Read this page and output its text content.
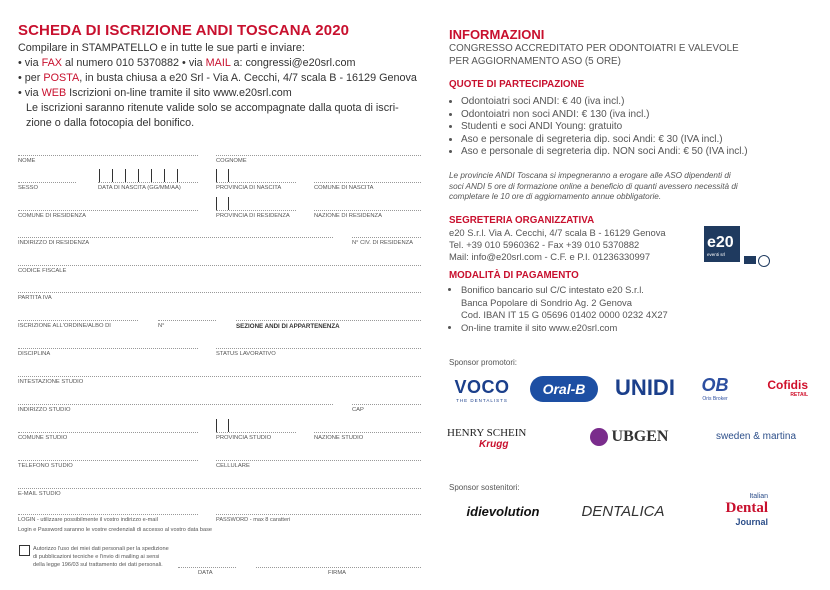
SCHEDA DI ISCRIZIONE ANDI TOSCANA 2020
Compilare in STAMPATELLO e in tutte le sue parti e inviare:
• via FAX al numero 010 5370882 • via MAIL a: congressi@e20srl.com
• per POSTA, in busta chiusa a e20 Srl - Via A. Cecchi, 4/7 scala B - 16129 Genova
• via WEB Iscrizioni on-line tramite il sito www.e20srl.com
Le iscrizioni saranno ritenute valide solo se accompagnate dalla quota di iscri-
zione o dalla fotocopia del bonifico.
NOME	COGNOME
SESSO	DATA DI NASCITA (GG/MM/AA)	PROVINCIA DI NASCITA	COMUNE DI NASCITA
COMUNE DI RESIDENZA	PROVINCIA DI RESIDENZA	NAZIONE DI RESIDENZA
INDIRIZZO DI RESIDENZA	N° CIV. DI RESIDENZA
CODICE FISCALE
PARTITA IVA
ISCRIZIONE ALL'ORDINE/ALBO DI	N°	SEZIONE ANDI DI APPARTENENZA
DISCIPLINA	STATUS LAVORATIVO
INTESTAZIONE STUDIO
INDIRIZZO STUDIO	CAP
COMUNE STUDIO	PROVINCIA STUDIO	NAZIONE STUDIO
TELEFONO STUDIO	CELLULARE
E-MAIL STUDIO
LOGIN - utilizzare possibilmente il vostro indirizzo e-mail	PASSWORD - max 8 caratteri
Login e Password saranno le vostre credenziali di accesso al vostro data base
Autorizzo l'uso dei miei dati personali per la spedizione
di pubblicazioni tecniche e l'invio di mailing ai sensi
della legge 196/03 sul trattamento dei dati personali.
DATA	FIRMA
INFORMAZIONI
CONGRESSO ACCREDITATO PER ODONTOIATRI E VALEVOLE
PER AGGIORNAMENTO ASO (5 ORE)
QUOTE DI PARTECIPAZIONE
• Odontoiatri soci ANDI: € 40 (iva incl.)
• Odontoiatri non soci ANDI: € 130 (iva incl.)
• Studenti e soci ANDI Young: gratuito
• Aso e personale di segreteria dip. soci Andi: € 30 (IVA incl.)
• Aso e personale di segreteria dip. NON soci Andi: € 50 (IVA incl.)
Le provincie ANDI Toscana si impegneranno a erogare alle ASO dipendenti di
soci ANDI 5 ore di formazione online a beneficio di quanti avessero necessità di
completare le 10 ore di aggiornamento annue obbligatorie.
SEGRETERIA ORGANIZZATIVA
e20 S.r.l. Via A. Cecchi, 4/7 scala B - 16129 Genova
Tel. +39 010 5960362 - Fax +39 010 5370882
Mail: info@e20srl.com - C.F. e P.I. 01236330997
e20
eventi srl
MODALITÀ DI PAGAMENTO
• Bonifico bancario sul C/C intestato e20 S.r.l.
Banca Popolare di Sondrio Ag. 2 Genova
Cod. IBAN IT 15 G 05696 01402 0000 0232 4X27
• On-line tramite il sito www.e20srl.com
Sponsor promotori:
VOCO
THE DENTALISTS
Oral-B	UNIDI OB
Oris Broker
Cofidis
RETAIL
HENRY SCHEIN
Krugg	UBGEN	sweden & martina
Sponsor sostenitori:
idievolution	DENTALICA
Italian
Dental
Journal
